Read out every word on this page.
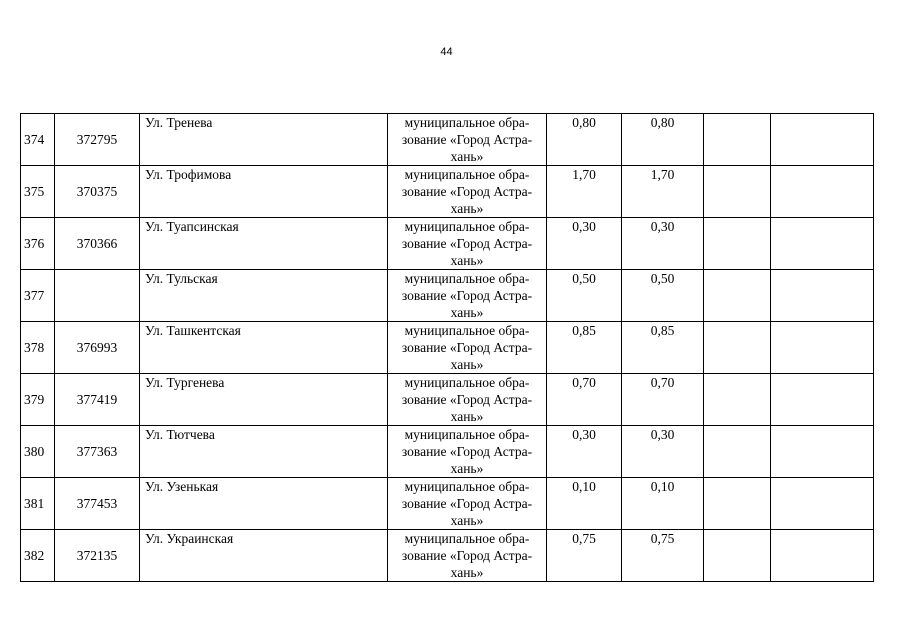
44
374	372795	Ул. Тренева	муниципальное обра-
зование «Город Астра-
хань»	0,80	0,80		
375	370375	Ул. Трофимова	муниципальное обра-
зование «Город Астра-
хань»	1,70	1,70		
376	370366	Ул. Туапсинская	муниципальное обра-
зование «Город Астра-
хань»	0,30	0,30		
377		Ул. Тульская	муниципальное обра-
зование «Город Астра-
хань»	0,50	0,50		
378	376993	Ул. Ташкентская	муниципальное обра-
зование «Город Астра-
хань»	0,85	0,85		
379	377419	Ул. Тургенева	муниципальное обра-
зование «Город Астра-
хань»	0,70	0,70		
380	377363	Ул. Тютчева	муниципальное обра-
зование «Город Астра-
хань»	0,30	0,30		
381	377453	Ул. Узенькая	муниципальное обра-
зование «Город Астра-
хань»	0,10	0,10		
382	372135	Ул. Украинская	муниципальное обра-
зование «Город Астра-
хань»	0,75	0,75		
